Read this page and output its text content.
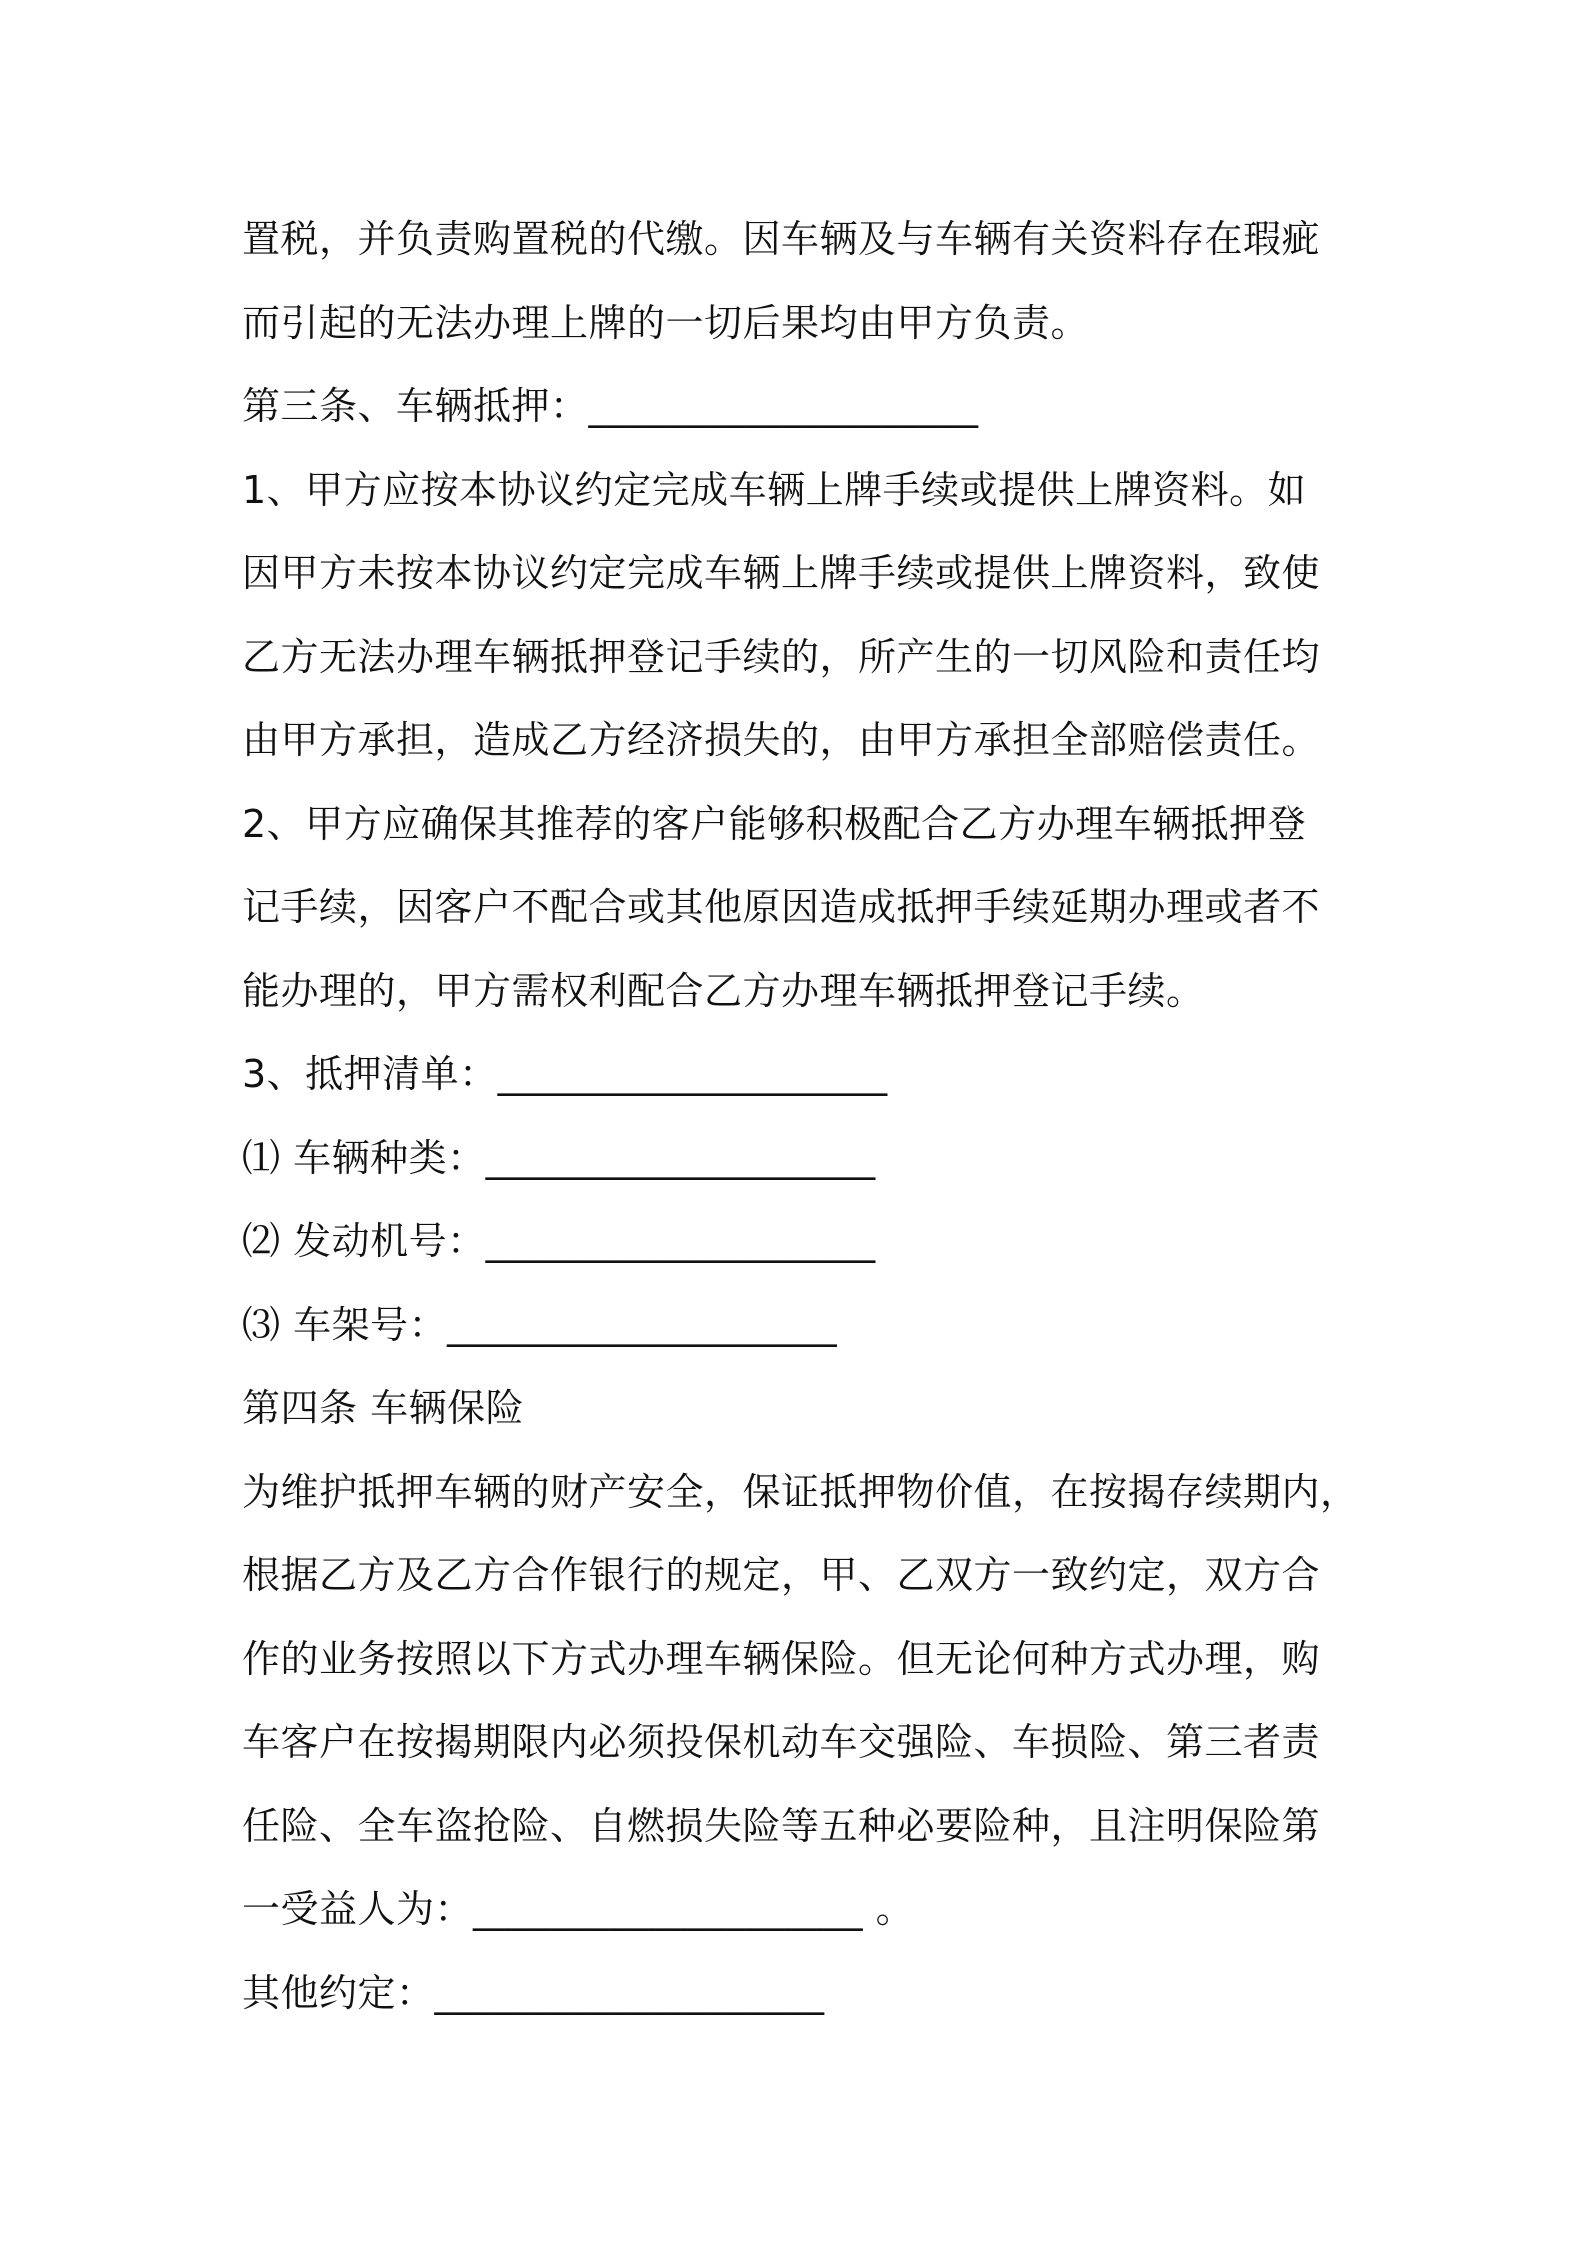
置税，并负责购置税的代缴。因车辆及与车辆有关资料存在瑕疵
而引起的无法办理上牌的一切后果均由甲方负责。
第三条、车辆抵押：____________________
1、甲方应按本协议约定完成车辆上牌手续或提供上牌资料。如
因甲方未按本协议约定完成车辆上牌手续或提供上牌资料，致使
乙方无法办理车辆抵押登记手续的，所产生的一切风险和责任均
由甲方承担，造成乙方经济损失的，由甲方承担全部赔偿责任。
2、甲方应确保其推荐的客户能够积极配合乙方办理车辆抵押登
记手续，因客户不配合或其他原因造成抵押手续延期办理或者不
能办理的，甲方需权利配合乙方办理车辆抵押登记手续。
3、抵押清单：____________________
⑴ 车辆种类：____________________
⑵ 发动机号：____________________
⑶ 车架号：____________________
第四条 车辆保险
为维护抵押车辆的财产安全，保证抵押物价值，在按揭存续期内，
根据乙方及乙方合作银行的规定，甲、乙双方一致约定，双方合
作的业务按照以下方式办理车辆保险。但无论何种方式办理，购
车客户在按揭期限内必须投保机动车交强险、车损险、第三者责
任险、全车盗抢险、自燃损失险等五种必要险种，且注明保险第
一受益人为：____________________ 。
其他约定：____________________
